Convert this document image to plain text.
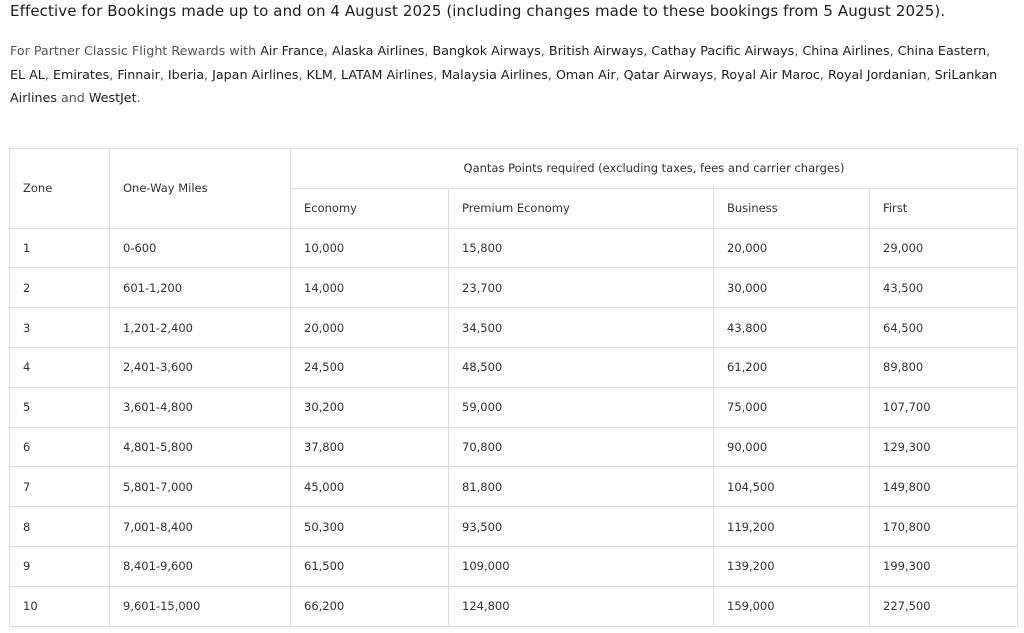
Effective for Bookings made up to and on 4 August 2025 (including changes made to these bookings from 5 August 2025).

For Partner Classic Flight Rewards with Air France, Alaska Airlines, Bangkok Airways, British Airways, Cathay Pacific Airways, China Airlines, China Eastern, EL AL, Emirates, Finnair, Iberia, Japan Airlines, KLM, LATAM Airlines, Malaysia Airlines, Oman Air, Qatar Airways, Royal Air Maroc, Royal Jordanian, SriLankan Airlines and WestJet.

Zone	One-Way Miles	Qantas Points required (excluding taxes, fees and carrier charges)			
		Economy	Premium Economy	Business	First
1	0-600	10,000	15,800	20,000	29,000
2	601-1,200	14,000	23,700	30,000	43,500
3	1,201-2,400	20,000	34,500	43,800	64,500
4	2,401-3,600	24,500	48,500	61,200	89,800
5	3,601-4,800	30,200	59,000	75,000	107,700
6	4,801-5,800	37,800	70,800	90,000	129,300
7	5,801-7,000	45,000	81,800	104,500	149,800
8	7,001-8,400	50,300	93,500	119,200	170,800
9	8,401-9,600	61,500	109,000	139,200	199,300
10	9,601-15,000	66,200	124,800	159,000	227,500
